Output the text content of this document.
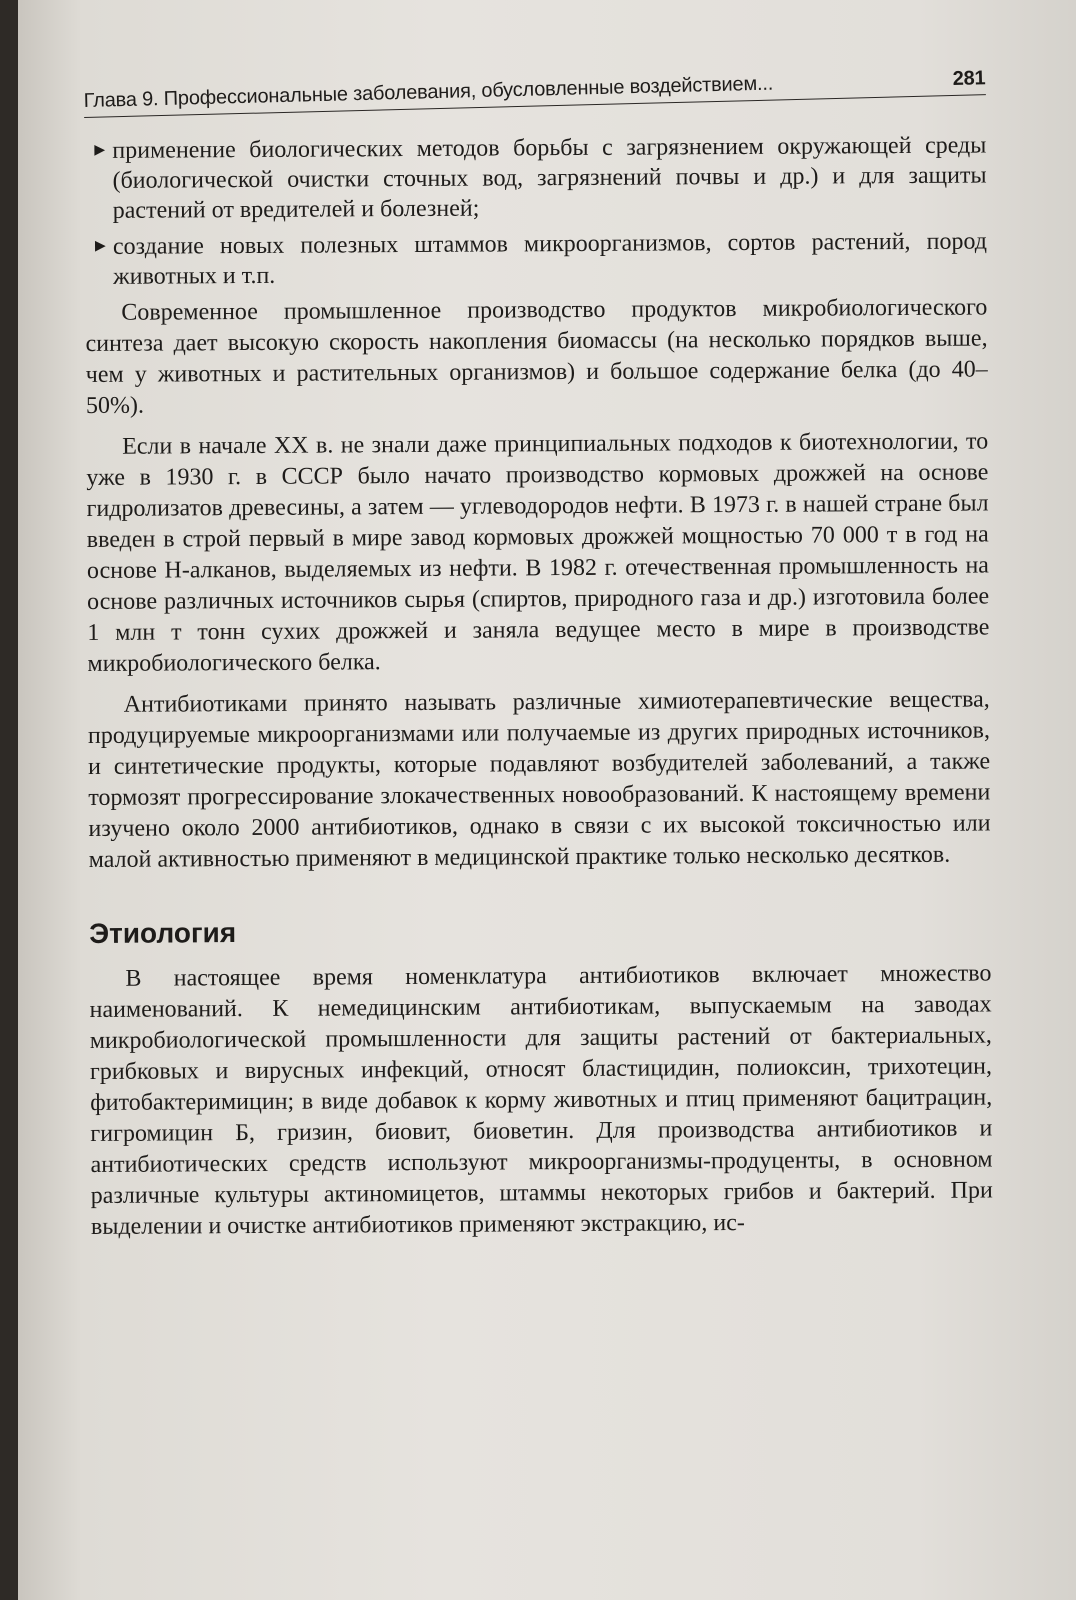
Глава 9. Профессиональные заболевания, обусловленные воздействием...	281
▶ применение биологических методов борьбы с загрязнением окружающей среды (биологической очистки сточных вод, загрязнений почвы и др.) и для защиты растений от вредителей и болезней;
▶ создание новых полезных штаммов микроорганизмов, сортов растений, пород животных и т.п.

Современное промышленное производство продуктов микробиологического синтеза дает высокую скорость накопления биомассы (на несколько порядков выше, чем у животных и растительных организмов) и большое содержание белка (до 40–50%).

Если в начале XX в. не знали даже принципиальных подходов к биотехнологии, то уже в 1930 г. в СССР было начато производство кормовых дрожжей на основе гидролизатов древесины, а затем — углеводородов нефти. В 1973 г. в нашей стране был введен в строй первый в мире завод кормовых дрожжей мощностью 70 000 т в год на основе Н-алканов, выделяемых из нефти. В 1982 г. отечественная промышленность на основе различных источников сырья (спиртов, природного газа и др.) изготовила более 1 млн т тонн сухих дрожжей и заняла ведущее место в мире в производстве микробиологического белка.

Антибиотиками принято называть различные химиотерапевтические вещества, продуцируемые микроорганизмами или получаемые из других природных источников, и синтетические продукты, которые подавляют возбудителей заболеваний, а также тормозят прогрессирование злокачественных новообразований. К настоящему времени изучено около 2000 антибиотиков, однако в связи с их высокой токсичностью или малой активностью применяют в медицинской практике только несколько десятков.

Этиология

В настоящее время номенклатура антибиотиков включает множество наименований. К немедицинским антибиотикам, выпускаемым на заводах микробиологической промышленности для защиты растений от бактериальных, грибковых и вирусных инфекций, относят бластицидин, полиоксин, трихотецин, фитобактеримицин; в виде добавок к корму животных и птиц применяют бацитрацин, гигромицин Б, гризин, биовит, биоветин. Для производства антибиотиков и антибиотических средств используют микроорганизмы-продуценты, в основном различные культуры актиномицетов, штаммы некоторых грибов и бактерий. При выделении и очистке антибиотиков применяют экстракцию, ис-
